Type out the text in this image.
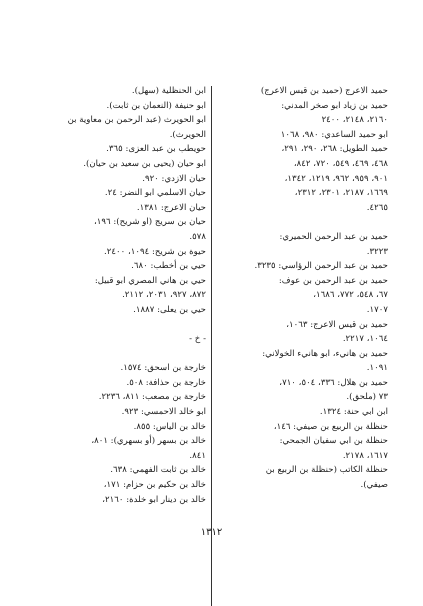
حميد الاعرج (حميد بن قيس الاعرج)
حميد بن زياد ابو صخر المدني:
٢١٦٠، ٢١٤٨، ٢٤٠٠
ابو حميد الساعدي: ٩٨٠، ١٠٦٨
حميد الطويل: ٢٦٨، ٢٩٠، ٢٩١،
٤٦٨، ٤٦٩، ٥٤٩، ٧٢٠، ٨٤٢،
٩٠١، ٩٥٩، ٩٦٢، ١٢١٩، ١٣٤٢،
١٦٦٩، ٢١٨٧، ٢٣٠١، ٢٣١٢،
٤٢٦٥.

حميد بن عبد الرحمن الحميري:
٣٢٢٣.
حميد بن عبد الرحمن الرؤاسي: ٣٢٣٥.
حميد بن عبد الرحمن بن عوف:
٦٧، ٥٤٨، ٧٧٢، ١٦٨٦،
١٧٠٧.
حميد بن قيس الاعرج: ١٠٦٣،
١٠٦٤، ٢٢١٧.
حميد بن هانيء، ابو هانيء الخولاني:
١٠٩١.
حميد بن هلال: ٣٣٦، ٥٠٤، ٧١٠،
٧٣ (ملحق).
ابن ابي حنة: ١٣٢٤.
حنظلة بن الربيع بن صيفي: ١٤٦،
حنظلة بن ابي سفيان الجمحي:
١٦١٧، ٢١٧٨.
حنظلة الكاتب (حنظلة بن الربيع بن
صيفي).
ابن الحنظلية (سهل).
ابو حنيفة (النعمان بن ثابت).
ابو الحويرث (عبد الرحمن بن معاوية بن
الحويرث).
حويطب بن عبد العزى: ٣٦٥.
ابو حيان (يحيى بن سعيد بن حيان).
حيان الازدي: ٩٢٠.
حيان الاسلمي ابو النضر: ٢٤.
حيان الاعرج: ١٣٨١.
حيان بن سريج (او شريح): ١٩٦،
٥٧٨.
حيوة بن شريح: ١٠٩٤، ٢٤٠٠.
حيي بن أخطب: ٦٨٠.
حيي بن هاني المصري ابو قبيل:
٨٧٢، ٩٢٧، ٢٠٣١، ٢١١٢.
حيي بن يعلى: ١٨٨٧.

- خ -

خارجة بن اسحق: ١٥٧٤.
خارجة بن حذافة: ٥٠٨.
خارجة بن مصعب: ٨١١، ٢٢٣٦.
ابو خالد الاحمسي: ٩٢٣.
خالد بن الياس: ٨٥٥.
خالد بن بسهر (أو بسهري): ٨٠١،
٨٤١.
خالد بن ثابت الفهمي: ٦٣٨.
خالد بن حكيم بن حزام: ١٧١،
خالد بن دينار ابو خلدة: ٢١٦٠،
١٣١٢
